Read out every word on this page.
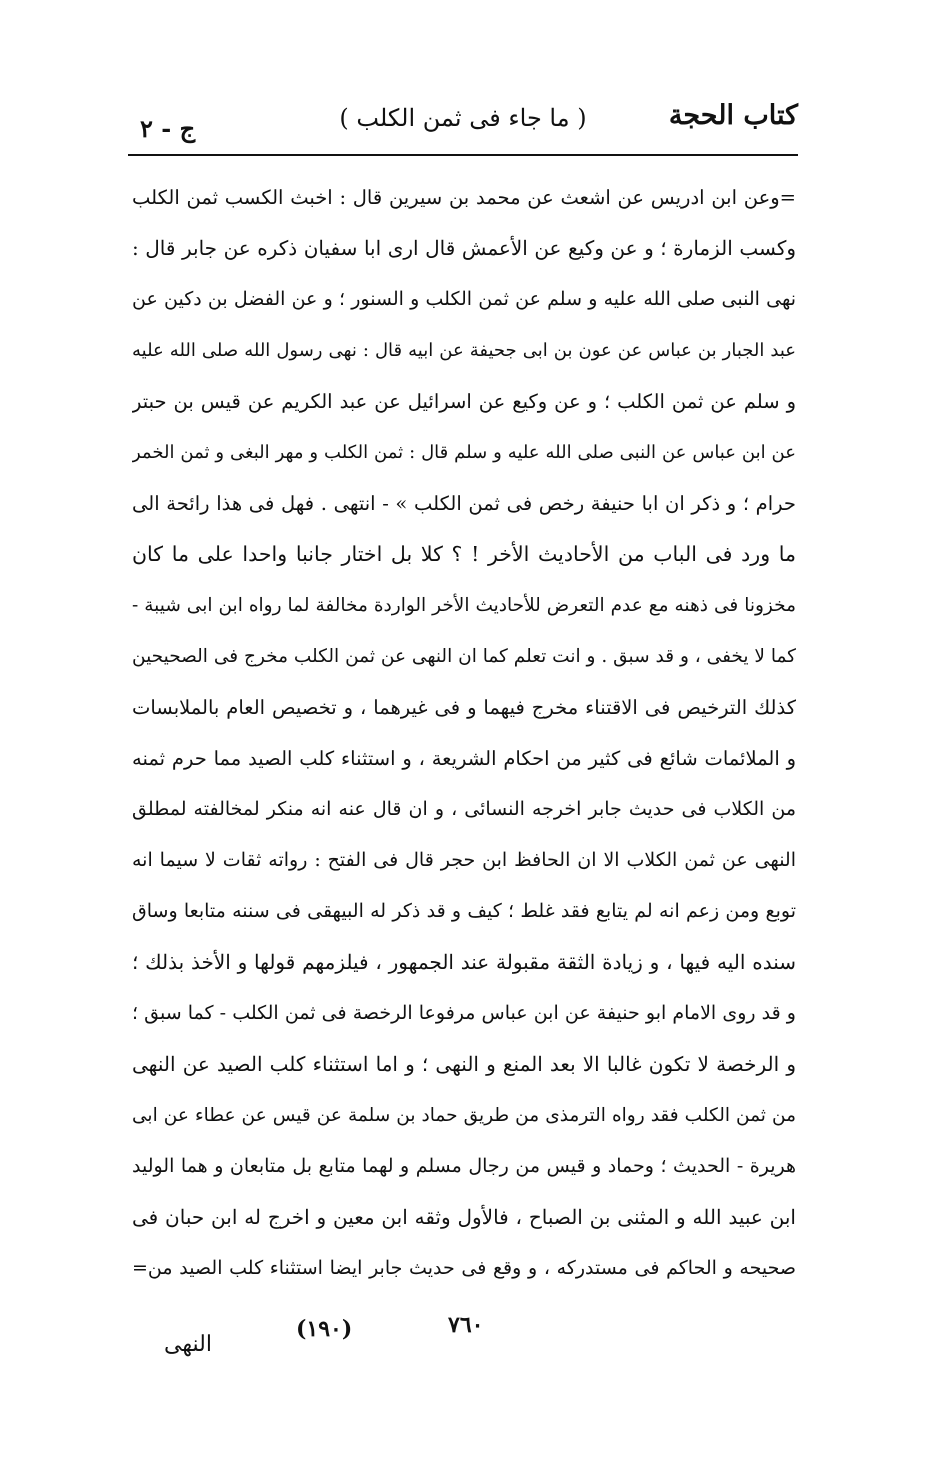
كتاب الحجة
( ما جاء فى ثمن الكلب )
ج - ٢
=وعن ابن ادريس عن اشعث عن محمد بن سيرين قال : اخبث الكسب ثمن الكلب
وكسب الزمارة ؛ و عن وكيع عن الأعمش قال ارى ابا سفيان ذكره عن جابر قال :
نهى النبى صلى الله عليه و سلم عن ثمن الكلب و السنور ؛ و عن الفضل بن دكين عن
عبد الجبار بن عباس عن عون بن ابى جحيفة عن ابيه قال : نهى رسول الله صلى الله عليه
و سلم عن ثمن الكلب ؛ و عن وكيع عن اسرائيل عن عبد الكريم عن قيس بن حبتر
عن ابن عباس عن النبى صلى الله عليه و سلم قال : ثمن الكلب و مهر البغى و ثمن الخمر
حرام ؛ و ذكر ان ابا حنيفة رخص فى ثمن الكلب » - انتهى . فهل فى هذا رائحة الى
ما ورد فى الباب من الأحاديث الأخر ! ؟ كلا بل اختار جانبا واحدا على ما كان
مخزونا فى ذهنه مع عدم التعرض للأحاديث الأخر الواردة مخالفة لما رواه ابن ابى شيبة -
كما لا يخفى ، و قد سبق . و انت تعلم كما ان النهى عن ثمن الكلب مخرج فى الصحيحين
كذلك الترخيص فى الاقتناء مخرج فيهما و فى غيرهما ، و تخصيص العام بالملابسات
و الملائمات شائع فى كثير من احكام الشريعة ، و استثناء كلب الصيد مما حرم ثمنه
من الكلاب فى حديث جابر اخرجه النسائى ، و ان قال عنه انه منكر لمخالفته لمطلق
النهى عن ثمن الكلاب الا ان الحافظ ابن حجر قال فى الفتح : رواته ثقات لا سيما انه
توبع ومن زعم انه لم يتابع فقد غلط ؛ كيف و قد ذكر له البيهقى فى سننه متابعا وساق
سنده اليه فيها ، و زيادة الثقة مقبولة عند الجمهور ، فيلزمهم قولها و الأخذ بذلك ؛
و قد روى الامام ابو حنيفة عن ابن عباس مرفوعا الرخصة فى ثمن الكلب - كما سبق ؛
و الرخصة لا تكون غالبا الا بعد المنع و النهى ؛ و اما استثناء كلب الصيد عن النهى
من ثمن الكلب فقد رواه الترمذى من طريق حماد بن سلمة عن قيس عن عطاء عن ابى
هريرة - الحديث ؛ وحماد و قيس من رجال مسلم و لهما متابع بل متابعان و هما الوليد
ابن عبيد الله و المثنى بن الصباح ، فالأول وثقه ابن معين و اخرج له ابن حبان فى
صحيحه و الحاكم فى مستدركه ، و وقع فى حديث جابر ايضا استثناء كلب الصيد من=
٧٦٠
(١٩٠)
النهى
